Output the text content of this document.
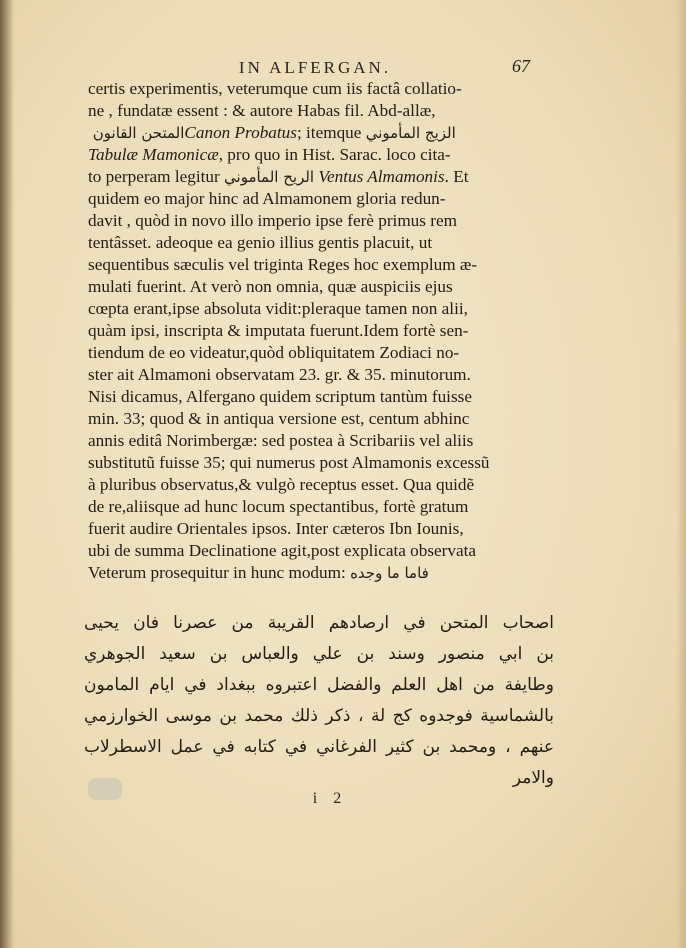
IN ALFERGAN.	67
certis experimentis, veterumque cum iis factâ collatio-
ne , fundatæ essent : & autore Habas fil. Abd-allæ,
المتحن القانون Canon Probatus; itemque الزيج المأموني
Tabulæ Mamonicæ, pro quo in Hist. Sarac. loco cita-
to perperam legitur الريح المأموني Ventus Almamonis. Et
quidem eo major hinc ad Almamonem gloria redun-
davit , quòd in novo illo imperio ipse ferè primus rem
tentâsset. adeoque ea genio illius gentis placuit, ut
sequentibus sæculis vel triginta Reges hoc exemplum æ-
mulati fuerint. At verò non omnia, quæ auspiciis ejus
cœpta erant,ipse absoluta vidit:pleraque tamen non alii,
quàm ipsi, inscripta & imputata fuerunt.Idem fortè sen-
tiendum de eo videatur,quòd obliquitatem Zodiaci no-
ster ait Almamoni observatam 23. gr. & 35. minutorum.
Nisi dicamus, Alfergano quidem scriptum tantùm fuisse
min. 33; quod & in antiqua versione est, centum abhinc
annis editâ Norimbergæ: sed postea à Scribariis vel aliis
substitutũ fuisse 35; qui numerus post Almamonis excessũ
à pluribus observatus,& vulgò receptus esset. Qua quidẽ
de re,aliisque ad hunc locum spectantibus, fortè gratum
fuerit audire Orientales ipsos. Inter cæteros Ibn Iounis,
ubi de summa Declinatione agit,post explicata observata
Veterum prosequitur in hunc modum: فاما ما وجده
اصحاب المتحن في ارصادهم القريبة من عصرنا فان يحيى
بن ابي منصور وسند بن علي والعباس بن سعيد الجوهري
وطايفة من اهل العلم والفضل اعتبروه ببغداد في ايام المامون
بالشماسية فوجدوه كج لة ، ذكر ذلك محمد بن موسى الخوارزمي
عنهم ، ومحمد بن كثير الفرغاني في كتابه في عمل الاسطرلاب
والامر
i 2
